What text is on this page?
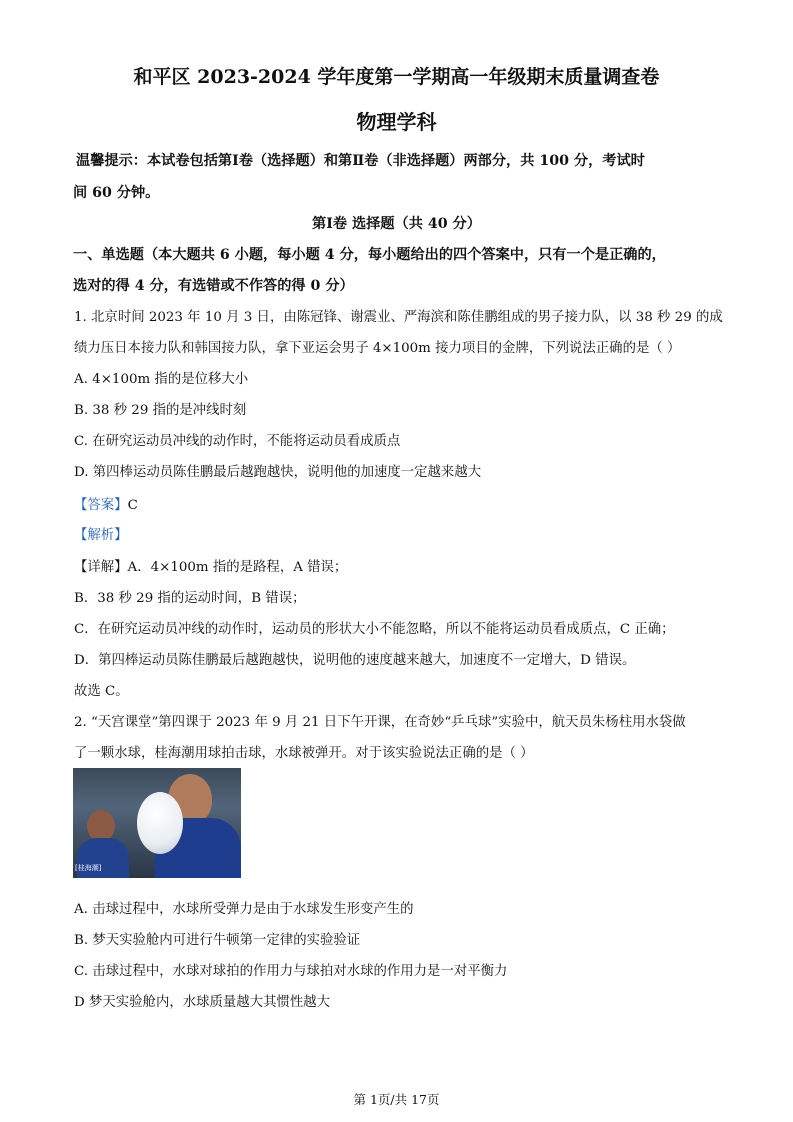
和平区 2023-2024 学年度第一学期高一年级期末质量调查卷
物理学科
温馨提示：本试卷包括第Ⅰ卷（选择题）和第Ⅱ卷（非选择题）两部分，共 100 分，考试时
间 60 分钟。
第Ⅰ卷 选择题（共 40 分）
一、单选题（本大题共 6 小题，每小题 4 分，每小题给出的四个答案中，只有一个是正确的，
选对的得 4 分，有选错或不作答的得 0 分）
1. 北京时间 2023 年 10 月 3 日，由陈冠锋、谢震业、严海滨和陈佳鹏组成的男子接力队，以 38 秒 29 的成
绩力压日本接力队和韩国接力队，拿下亚运会男子 4×100m 接力项目的金牌，下列说法正确的是（ ）
A. 4×100m 指的是位移大小
B. 38 秒 29 指的是冲线时刻
C. 在研究运动员冲线的动作时，不能将运动员看成质点
D. 第四棒运动员陈佳鹏最后越跑越快，说明他的加速度一定越来越大
【答案】C
【解析】
【详解】A．4×100m 指的是路程，A 错误；
B．38 秒 29 指的运动时间，B 错误；
C．在研究运动员冲线的动作时，运动员的形状大小不能忽略，所以不能将运动员看成质点，C 正确；
D．第四棒运动员陈佳鹏最后越跑越快，说明他的速度越来越大，加速度不一定增大，D 错误。
故选 C。
2. “天宫课堂”第四课于 2023 年 9 月 21 日下午开课，在奇妙“乒乓球”实验中，航天员朱杨柱用水袋做
了一颗水球，桂海潮用球拍击球，水球被弹开。对于该实验说法正确的是（ ）
[桂海潮]
A. 击球过程中，水球所受弹力是由于水球发生形变产生的
B. 梦天实验舱内可进行牛顿第一定律的实验验证
C. 击球过程中，水球对球拍的作用力与球拍对水球的作用力是一对平衡力
D 梦天实验舱内，水球质量越大其惯性越大
第 1页/共 17页
